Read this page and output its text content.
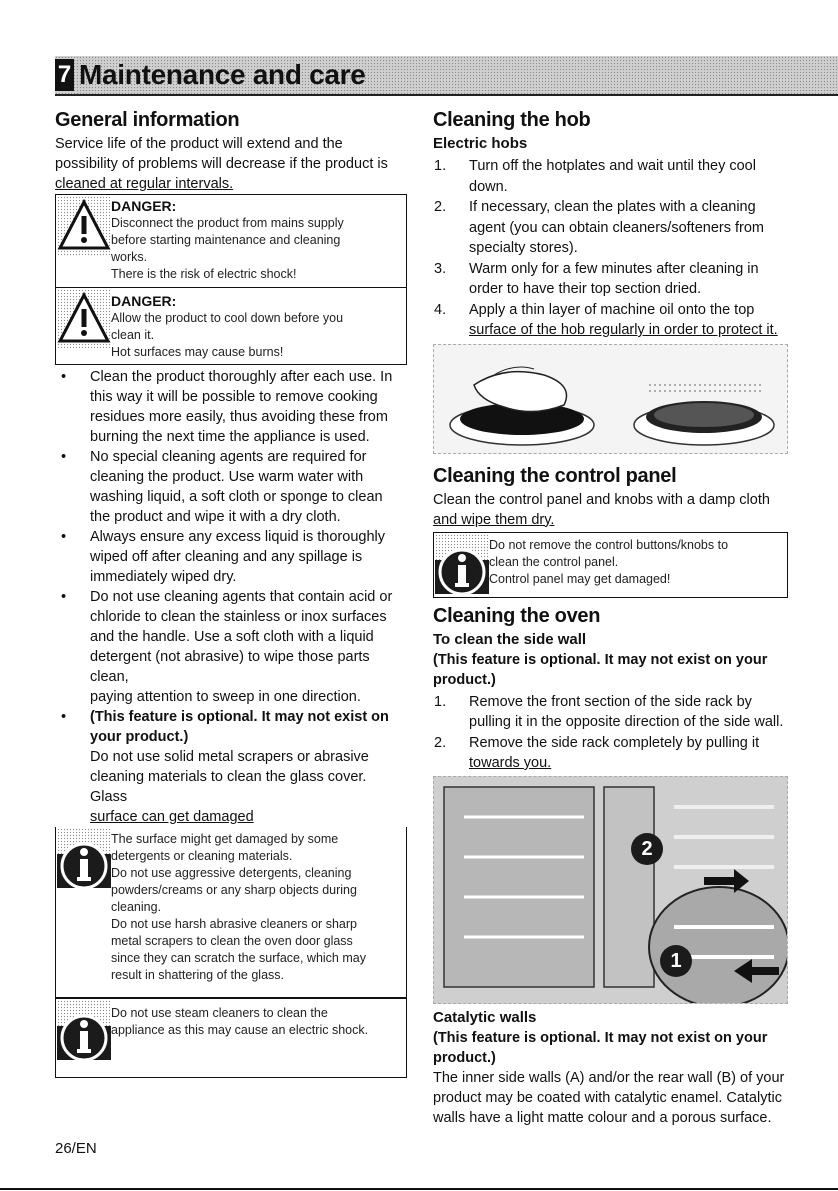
7 Maintenance and care
General information

Service life of the product will extend and the

possibility of problems will decrease if the product is

cleaned at regular intervals.

DANGER:
Disconnect the product from mains supply
before starting maintenance and cleaning
works.
There is the risk of electric shock!
DANGER:
Allow the product to cool down before you
clean it.
Hot surfaces may cause burns!
• Clean the product thoroughly after each use. In
this way it will be possible to remove cooking
residues more easily, thus avoiding these from
burning the next time the appliance is used.
• No special cleaning agents are required for
cleaning the product. Use warm water with
washing liquid, a soft cloth or sponge to clean
the product and wipe it with a dry cloth.
• Always ensure any excess liquid is thoroughly
wiped off after cleaning and any spillage is
immediately wiped dry.
• Do not use cleaning agents that contain acid or
chloride to clean the stainless or inox surfaces
and the handle. Use a soft cloth with a liquid
detergent (not abrasive) to wipe those parts clean,
paying attention to sweep in one direction.
• (This feature is optional. It may not exist on
your product.)
Do not use solid metal scrapers or abrasive
cleaning materials to clean the glass cover. Glass
surface can get damaged
The surface might get damaged by some
detergents or cleaning materials.
Do not use aggressive detergents, cleaning
powders/creams or any sharp objects during
cleaning.
Do not use harsh abrasive cleaners or sharp
metal scrapers to clean the oven door glass
since they can scratch the surface, which may
result in shattering of the glass.
Do not use steam cleaners to clean the
appliance as this may cause an electric shock.
Cleaning the hob
Electric hobs
1. Turn off the hotplates and wait until they cool
down.
2. If necessary, clean the plates with a cleaning
agent (you can obtain cleaners/softeners from
specialty stores).
3. Warm only for a few minutes after cleaning in
order to have their top section dried.
4. Apply a thin layer of machine oil onto the top
surface of the hob regularly in order to protect it.
Cleaning the control panel

Clean the control panel and knobs with a damp cloth

and wipe them dry.

Do not remove the control buttons/knobs to
clean the control panel.
Control panel may get damaged!
Cleaning the oven
To clean the side wall
(This feature is optional. It may not exist on your
product.)
1. Remove the front section of the side rack by
pulling it in the opposite direction of the side wall.
2. Remove the side rack completely by pulling it
towards you.
2
1
Catalytic walls
(This feature is optional. It may not exist on your
product.)

The inner side walls (A) and/or the rear wall (B) of your

product may be coated with catalytic enamel. Catalytic

walls have a light matte colour and a porous surface.

26/EN
